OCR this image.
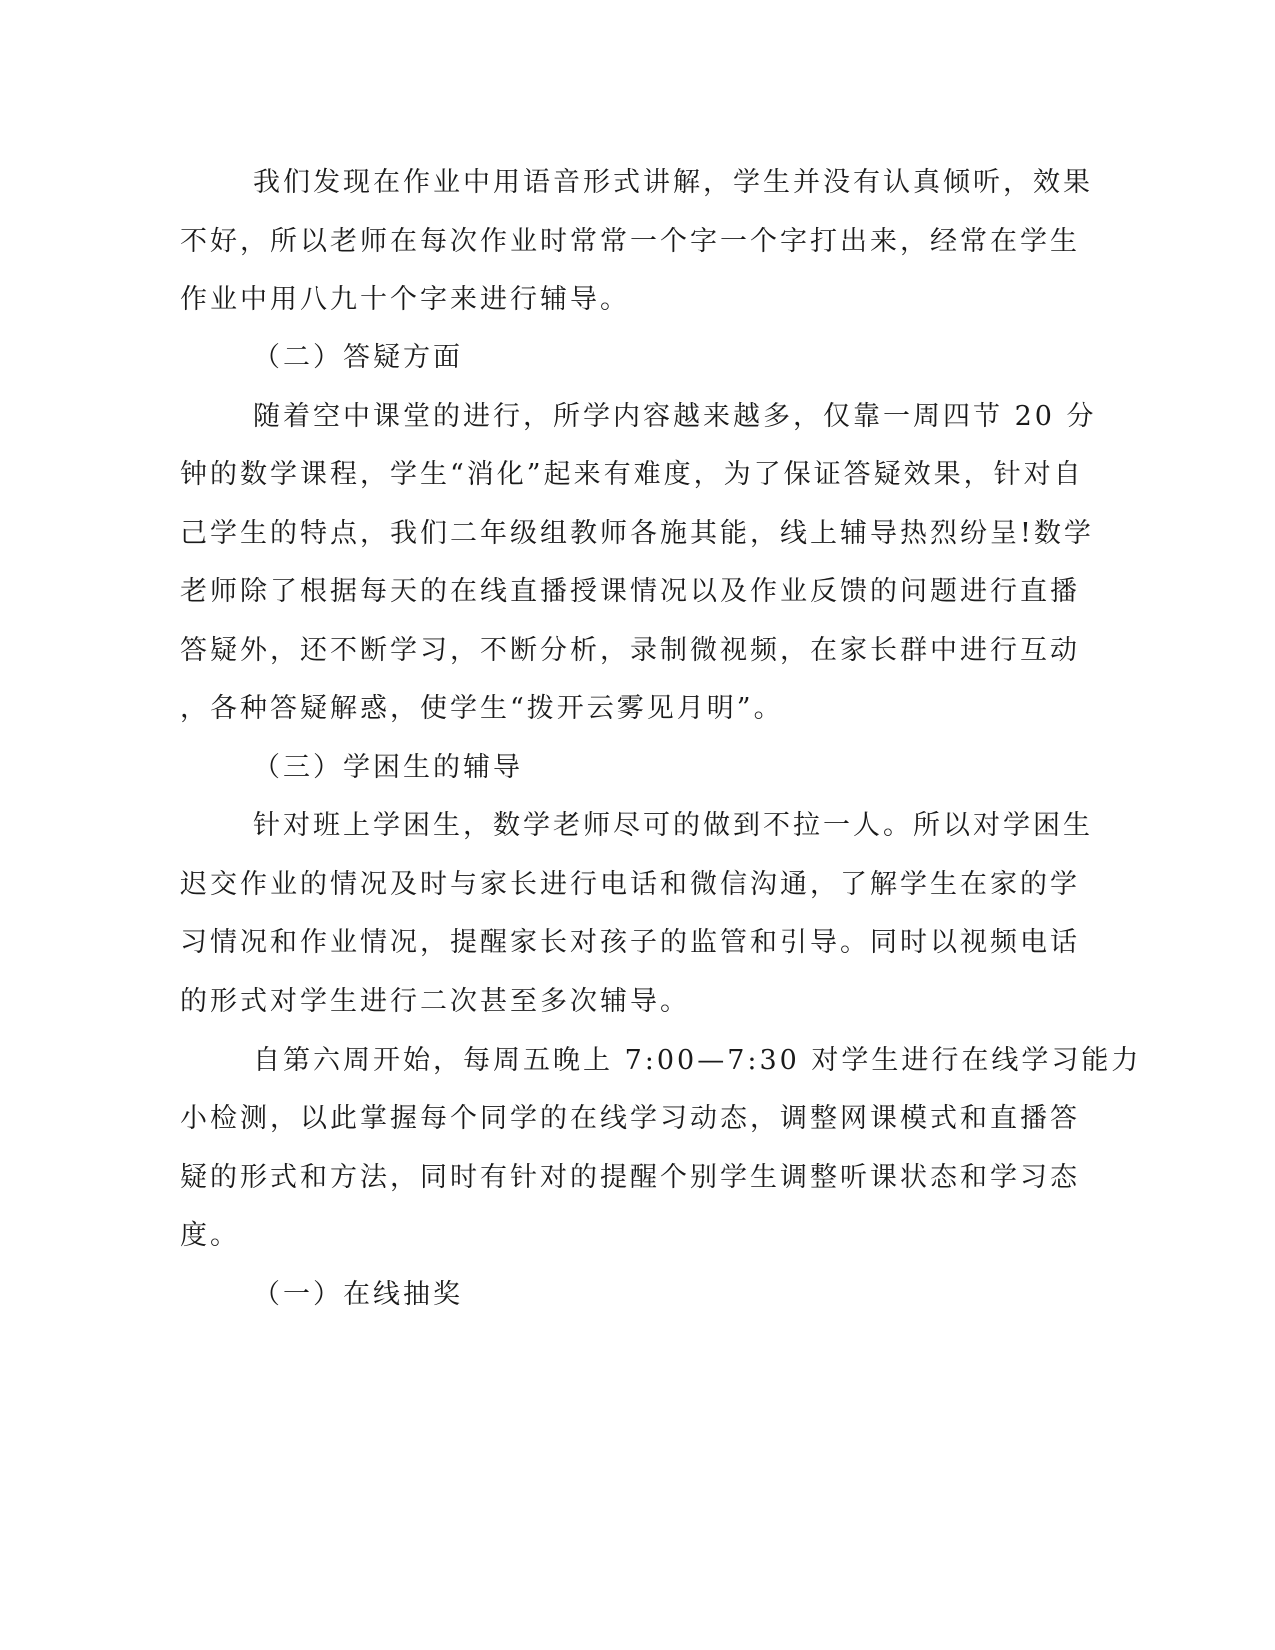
我们发现在作业中用语音形式讲解，学生并没有认真倾听，效果
不好，所以老师在每次作业时常常一个字一个字打出来，经常在学生
作业中用八九十个字来进行辅导。
（二）答疑方面
随着空中课堂的进行，所学内容越来越多，仅靠一周四节 20 分
钟的数学课程，学生“消化”起来有难度，为了保证答疑效果，针对自
己学生的特点，我们二年级组教师各施其能，线上辅导热烈纷呈!数学
老师除了根据每天的在线直播授课情况以及作业反馈的问题进行直播
答疑外，还不断学习，不断分析，录制微视频，在家长群中进行互动
，各种答疑解惑，使学生“拨开云雾见月明”。
（三）学困生的辅导
针对班上学困生，数学老师尽可的做到不拉一人。所以对学困生
迟交作业的情况及时与家长进行电话和微信沟通，了解学生在家的学
习情况和作业情况，提醒家长对孩子的监管和引导。同时以视频电话
的形式对学生进行二次甚至多次辅导。
自第六周开始，每周五晚上 7:00—7:30 对学生进行在线学习能力
小检测，以此掌握每个同学的在线学习动态，调整网课模式和直播答
疑的形式和方法，同时有针对的提醒个别学生调整听课状态和学习态
度。
（一）在线抽奖
